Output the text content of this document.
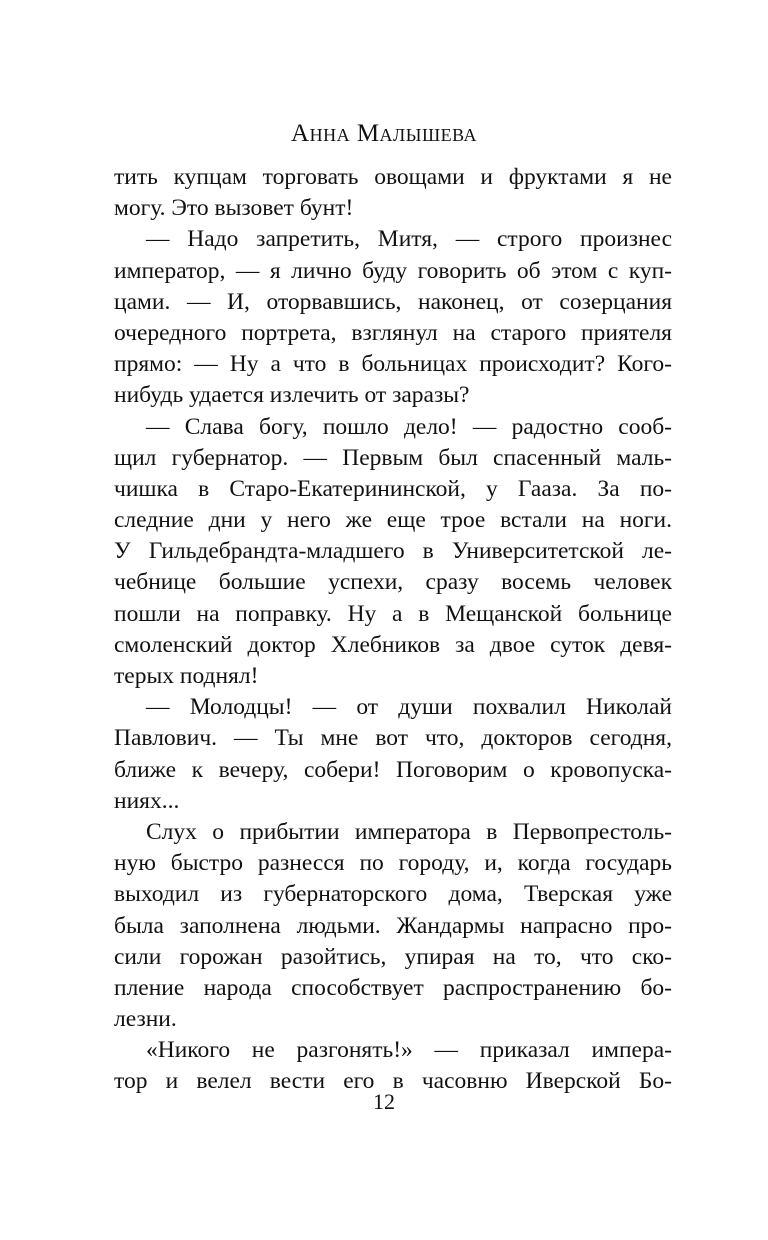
Анна Малышева
тить купцам торговать овощами и фруктами я не
могу. Это вызовет бунт!
— Надо запретить, Митя, — строго произнес
император, — я лично буду говорить об этом с куп-
цами. — И, оторвавшись, наконец, от созерцания
очередного портрета, взглянул на старого приятеля
прямо: — Ну а что в больницах происходит? Кого-
нибудь удается излечить от заразы?
— Слава богу, пошло дело! — радостно сооб-
щил губернатор. — Первым был спасенный маль-
чишка в Старо-Екатерининской, у Гааза. За по-
следние дни у него же еще трое встали на ноги.
У Гильдебрандта-младшего в Университетской ле-
чебнице большие успехи, сразу восемь человек
пошли на поправку. Ну а в Мещанской больнице
смоленский доктор Хлебников за двое суток девя-
терых поднял!
— Молодцы! — от души похвалил Николай
Павлович. — Ты мне вот что, докторов сегодня,
ближе к вечеру, собери! Поговорим о кровопуска-
ниях...
Слух о прибытии императора в Первопрестоль-
ную быстро разнесся по городу, и, когда государь
выходил из губернаторского дома, Тверская уже
была заполнена людьми. Жандармы напрасно про-
сили горожан разойтись, упирая на то, что ско-
пление народа способствует распространению бо-
лезни.
«Никого не разгонять!» — приказал импера-
тор и велел вести его в часовню Иверской Бо-
12
